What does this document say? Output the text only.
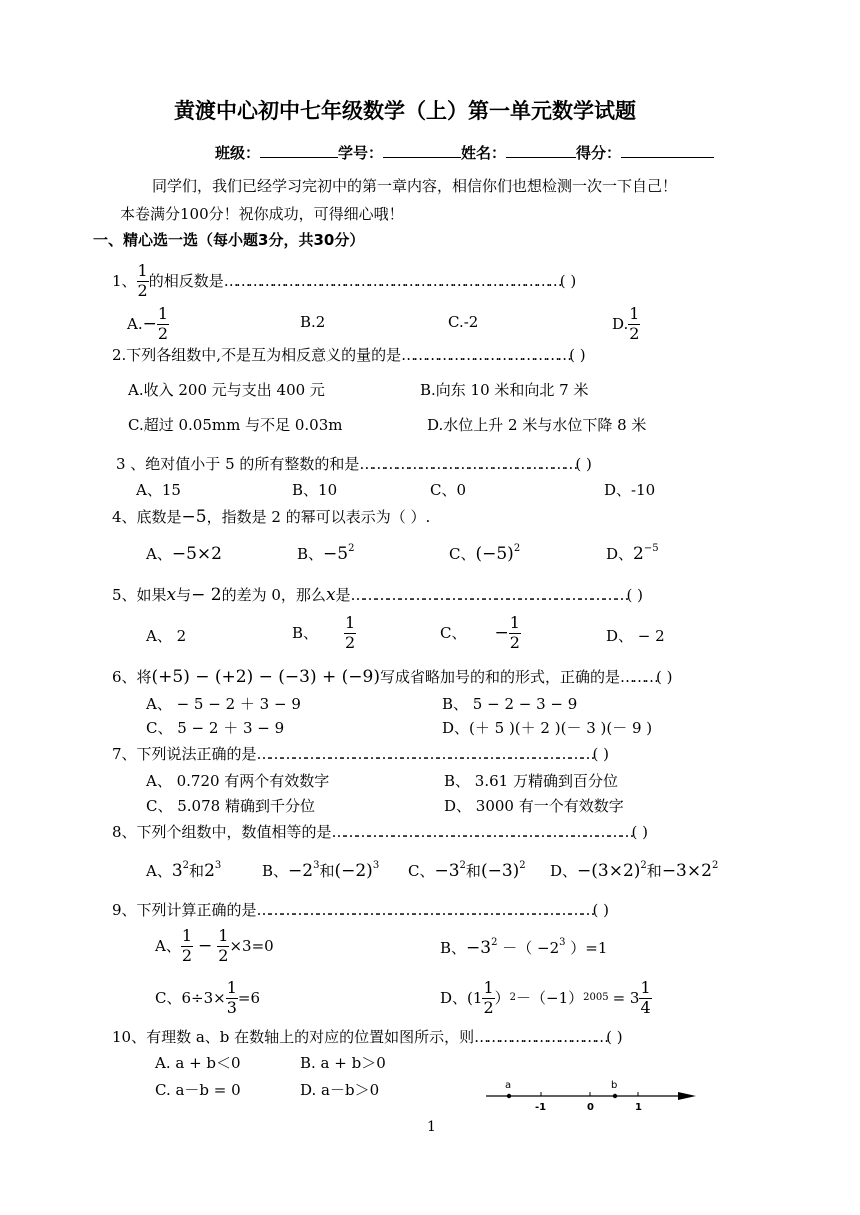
黄渡中心初中七年级数学（上）第一单元数学试题
班级：	学号：	姓名：	得分：
同学们，我们已经学习完初中的第一章内容，相信你们也想检测一次一下自己！
本卷满分100分！祝你成功，可得细心哦！
一、精心选一选（每小题3分，共30分）
1、 $\frac{1}{2}$ 的相反数是 ………………………………………………………………………… ( )
A. − $\frac{1}{2}$	B.2	C.-2	D. $\frac{1}{2}$
2.下列各组数中,不是互为相反意义的量的是……………………………………( )
A.收入 200 元与支出 400 元	B.向东 10 米和向北 7 米
C.超过 0.05mm 与不足 0.03m	D.水位上升 2 米与水位下降 8 米
3 、绝对值小于 5 的所有整数的和是………………………………………………( )
A、15	B、10	C、0	D、-10
4、底数是−5，指数是 2 的幂可以表示为（ ）.
A、−5×2	B、$-5^2$	C、$(-5)^2$	D、$2^{-5}$
5、如果x与− 2的差为 0，那么x是……………………………………………………………( )
A、 2	B、 $\frac{1}{2}$	C、 − $\frac{1}{2}$	D、 − 2
6、将(+5) − (+2) − (−3) + (−9)写成省略加号的和的形式，正确的是………( )
A、 − 5 − 2 ＋ 3 − 9	B、 5 − 2 − 3 − 9
C、 5 − 2 ＋ 3 − 9	D、(＋ 5 )(＋ 2 )(－ 3 )(－ 9 )
7、下列说法正确的是…………………………………………………………………………( )
A、 0.720 有两个有效数字	B、 3.61 万精确到百分位
C、 5.078 精确到千分位	D、 3000 有一个有效数字
8、下列个组数中，数值相等的是…………………………………………………………………( )
A、$3^2$和$2^3$	B、$-2^3$和$(-2)^3$ C、$-3^2$和$(-3)^2$ D、$-(3\times 2)^2$和$-3\times 2^2$
9、下列计算正确的是…………………………………………………………………………( )
A、 $\frac{1}{2} - \frac{1}{2} \times 3=0$	B、$-3^2$ －（ $-2^3$ ）=1
C、 $6\div 3\times \frac{1}{3} =6$	D、 ($1 \frac{1}{2}$ ） 2 －（−1） $2005 = 3 \frac{1}{4}$
10、有理数 a、b 在数轴上的对应的位置如图所示，则……………………………( )
A. a + b＜0	B. a + b＞0
C. a－b = 0	D. a－b＞0	a	b
-1	0	1
1
